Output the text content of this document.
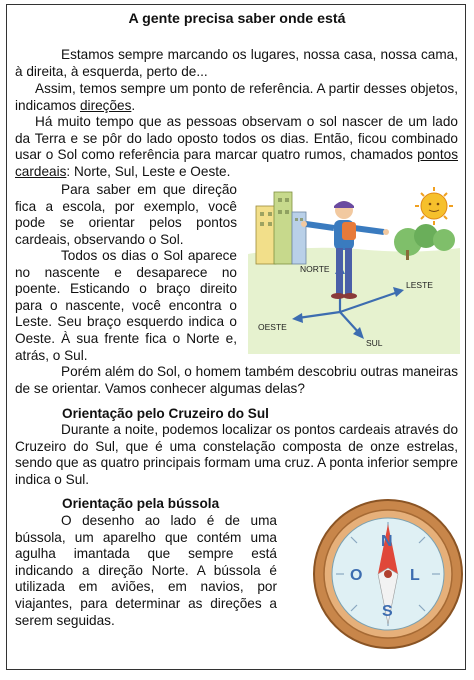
A gente precisa saber onde está

Estamos sempre marcando os lugares, nossa casa, nossa cama, à direita, à esquerda, perto de...

Assim, temos sempre um ponto de referência. A partir desses objetos, indicamos direções.

Há muito tempo que as pessoas observam o sol nascer de um lado da Terra e se pôr do lado oposto todos os dias. Então, ficou combinado usar o Sol como referência para marcar quatro rumos, chamados pontos cardeais: Norte, Sul, Leste e Oeste.

Para saber em que direção fica a escola, por exemplo, você pode se orientar pelos pontos cardeais, observando o Sol.

Todos os dias o Sol aparece no nascente e desaparece no poente. Esticando o braço direito para o nascente, você encontra o Leste. Seu braço esquerdo indica o Oeste. À sua frente fica o Norte e, atrás, o Sul.

Porém além do Sol, o homem também descobriu outras maneiras de se orientar. Vamos conhecer algumas delas?

Orientação pelo Cruzeiro do Sul

Durante a noite, podemos localizar os pontos cardeais através do Cruzeiro do Sul, que é uma constelação composta de onze estrelas, sendo que as quatro principais formam uma cruz. A ponta inferior sempre indica o Sul.

Orientação pela bússola

O desenho ao lado é de uma bússola, um aparelho que contém uma agulha imantada que sempre está indicando a direção Norte. A bússola é utilizada em aviões, em navios, por viajantes, para determinar as direções a serem seguidas.

NORTE
LESTE
OESTE
SUL
N
S
L
O
